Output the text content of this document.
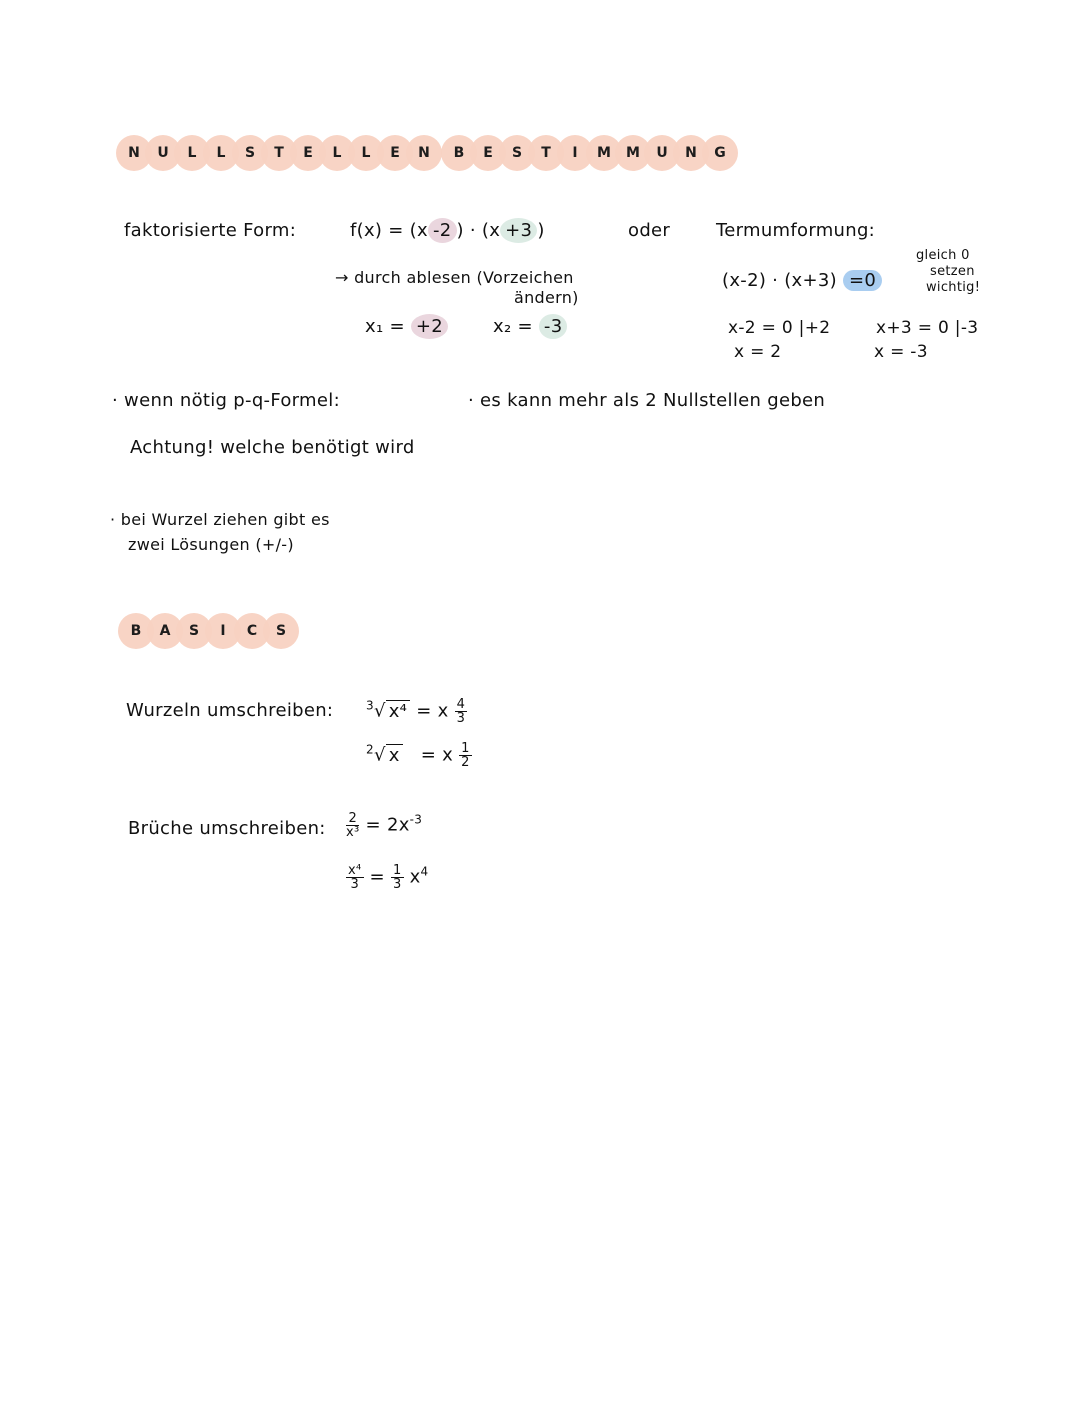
N	U	L	L	S	T	E	L	L	E	N	B	E	S	T	I	M	M	U	N	G
faktorisierte Form:	f(x) = (x -2 ) · (x +3 )	oder
→ durch ablesen (Vorzeichen
ändern)
x₁ = +2	x₂ = -3
Termumformung:
(x-2) · (x+3) =0
gleich 0
setzen
wichtig!
x-2 = 0 |+2
x = 2
x+3 = 0 |-3
x = -3
· wenn nötig p-q-Formel:	· es kann mehr als 2 Nullstellen geben
Achtung! welche benötigt wird
· bei Wurzel ziehen gibt es
zwei Lösungen (+/-)
B	A	S	I	C	S
Wurzeln umschreiben:	$^3$√ x⁴ = x $\frac{4}{3}$
$^2$√ x = x $\frac{1}{2}$
Brüche umschreiben: $\frac{2}{\text{x³}} = 2x^{-3}$
$\frac{\text{x⁴}}{3} = \frac{1}{3} x^4$
